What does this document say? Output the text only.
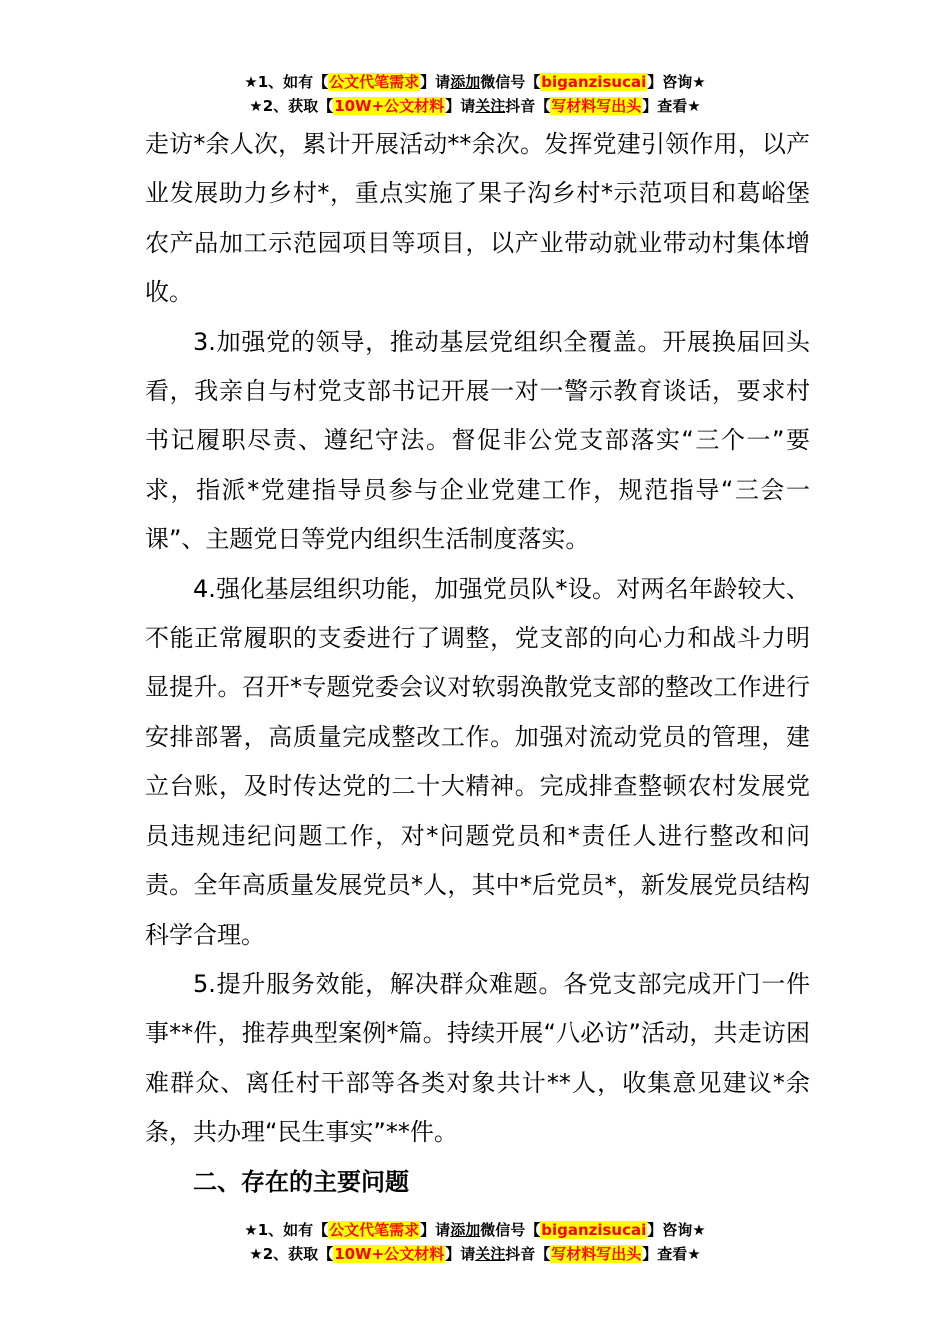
★1、如有【公文代笔需求】请添加微信号【biganzisucai】咨询★
★2、获取【10W+公文材料】请关注抖音【写材料写出头】查看★

走访*余人次，累计开展活动**余次。发挥党建引领作用，以产业发展助力乡村*，重点实施了果子沟乡村*示范项目和葛峪堡农产品加工示范园项目等项目，以产业带动就业带动村集体增收。

3.加强党的领导，推动基层党组织全覆盖。开展换届回头看，我亲自与村党支部书记开展一对一警示教育谈话，要求村书记履职尽责、遵纪守法。督促非公党支部落实“三个一”要求，指派*党建指导员参与企业党建工作，规范指导“三会一课”、主题党日等党内组织生活制度落实。

4.强化基层组织功能，加强党员队*设。对两名年龄较大、不能正常履职的支委进行了调整，党支部的向心力和战斗力明显提升。召开*专题党委会议对软弱涣散党支部的整改工作进行安排部署，高质量完成整改工作。加强对流动党员的管理，建立台账，及时传达党的二十大精神。完成排查整顿农村发展党员违规违纪问题工作，对*问题党员和*责任人进行整改和问责。全年高质量发展党员*人，其中*后党员*，新发展党员结构科学合理。

5.提升服务效能，解决群众难题。各党支部完成开门一件事**件，推荐典型案例*篇。持续开展“八必访”活动，共走访困难群众、离任村干部等各类对象共计**人，收集意见建议*余条，共办理“民生事实”**件。

二、存在的主要问题

★1、如有【公文代笔需求】请添加微信号【biganzisucai】咨询★
★2、获取【10W+公文材料】请关注抖音【写材料写出头】查看★
